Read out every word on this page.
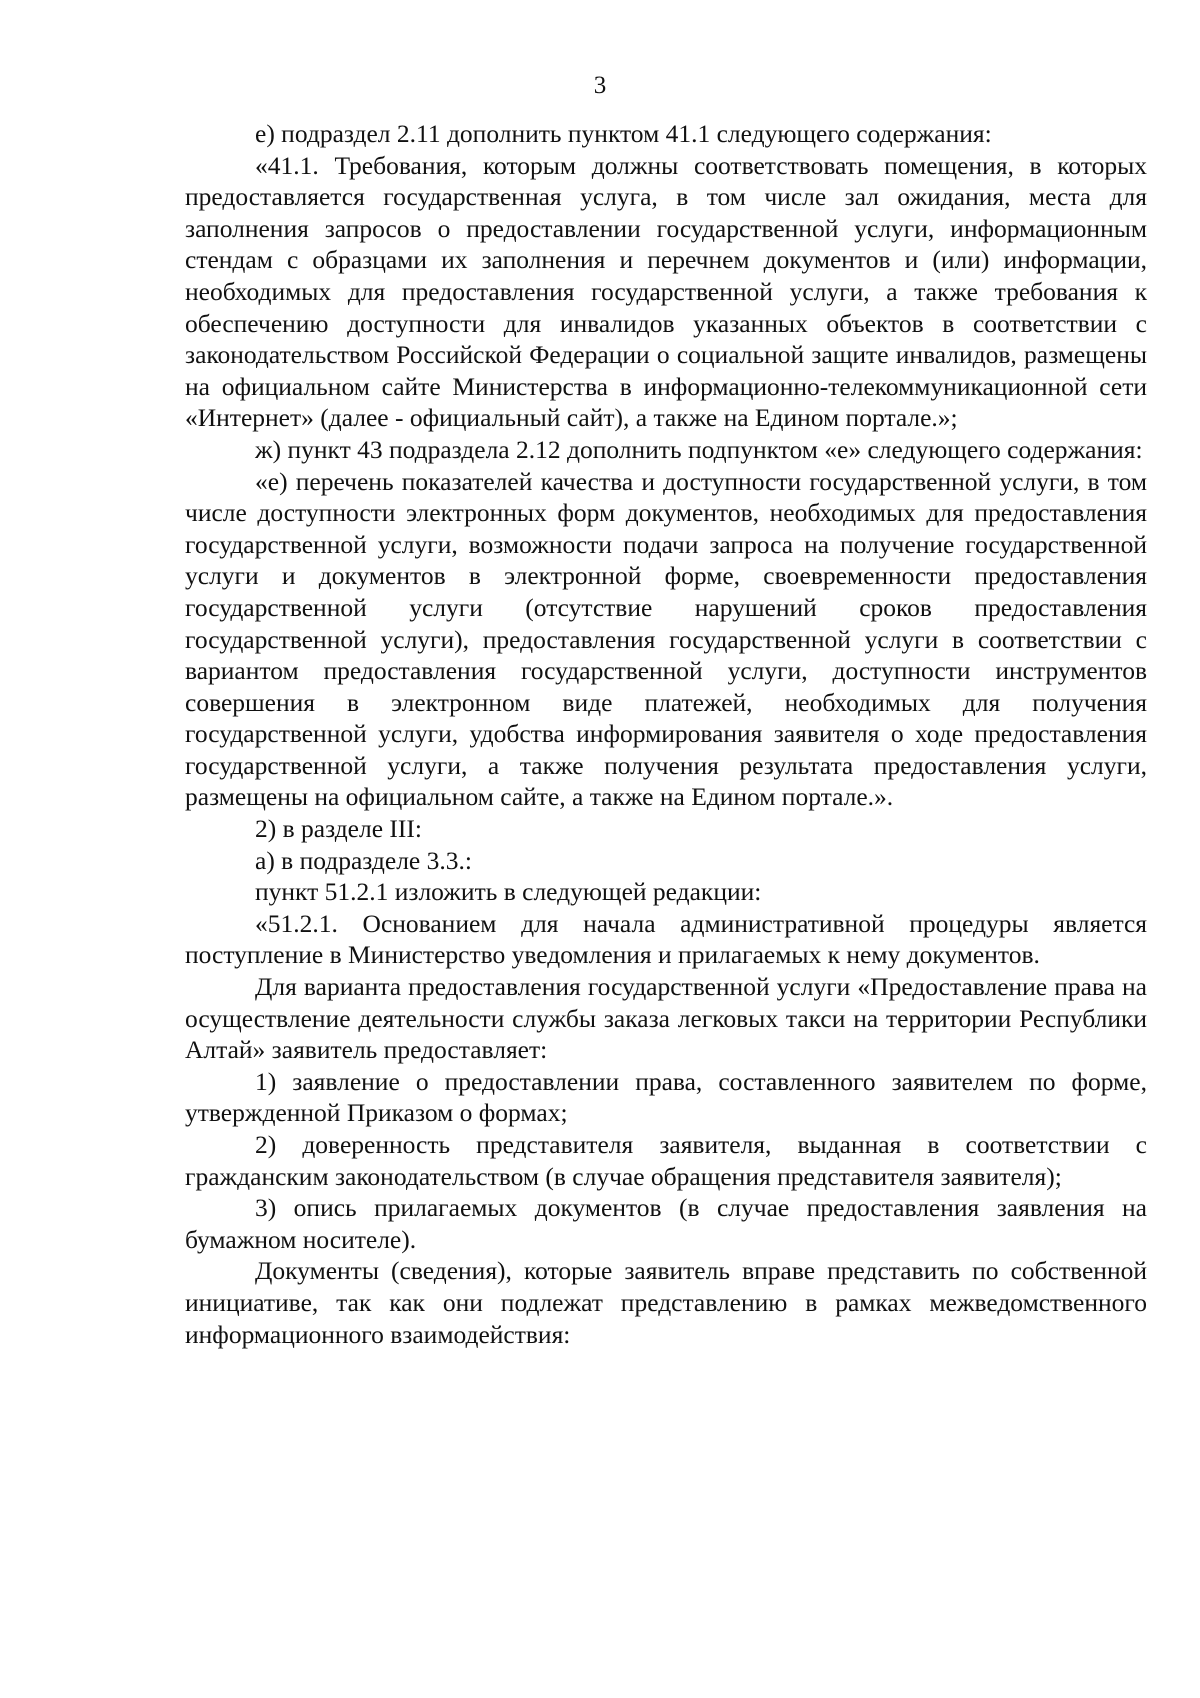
3

е) подраздел 2.11 дополнить пунктом 41.1 следующего содержания:

«41.1. Требования, которым должны соответствовать помещения, в которых предоставляется государственная услуга, в том числе зал ожидания, места для заполнения запросов о предоставлении государственной услуги, информационным стендам с образцами их заполнения и перечнем документов и (или) информации, необходимых для предоставления государственной услуги, а также требования к обеспечению доступности для инвалидов указанных объектов в соответствии с законодательством Российской Федерации о социальной защите инвалидов, размещены на официальном сайте Министерства в информационно-телекоммуникационной сети «Интернет» (далее - официальный сайт), а также на Едином портале.»;

ж) пункт 43 подраздела 2.12 дополнить подпунктом «е» следующего содержания:

«е) перечень показателей качества и доступности государственной услуги, в том числе доступности электронных форм документов, необходимых для предоставления государственной услуги, возможности подачи запроса на получение государственной услуги и документов в электронной форме, своевременности предоставления государственной услуги (отсутствие нарушений сроков предоставления государственной услуги), предоставления государственной услуги в соответствии с вариантом предоставления государственной услуги, доступности инструментов совершения в электронном виде платежей, необходимых для получения государственной услуги, удобства информирования заявителя о ходе предоставления государственной услуги, а также получения результата предоставления услуги, размещены на официальном сайте, а также на Едином портале.».

2) в разделе III:

а) в подразделе 3.3.:

пункт 51.2.1 изложить в следующей редакции:

«51.2.1. Основанием для начала административной процедуры является поступление в Министерство уведомления и прилагаемых к нему документов.

Для варианта предоставления государственной услуги «Предоставление права на осуществление деятельности службы заказа легковых такси на территории Республики Алтай» заявитель предоставляет:

1) заявление о предоставлении права, составленного заявителем по форме, утвержденной Приказом о формах;

2) доверенность представителя заявителя, выданная в соответствии с гражданским законодательством (в случае обращения представителя заявителя);

3) опись прилагаемых документов (в случае предоставления заявления на бумажном носителе).

Документы (сведения), которые заявитель вправе представить по собственной инициативе, так как они подлежат представлению в рамках межведомственного информационного взаимодействия:
